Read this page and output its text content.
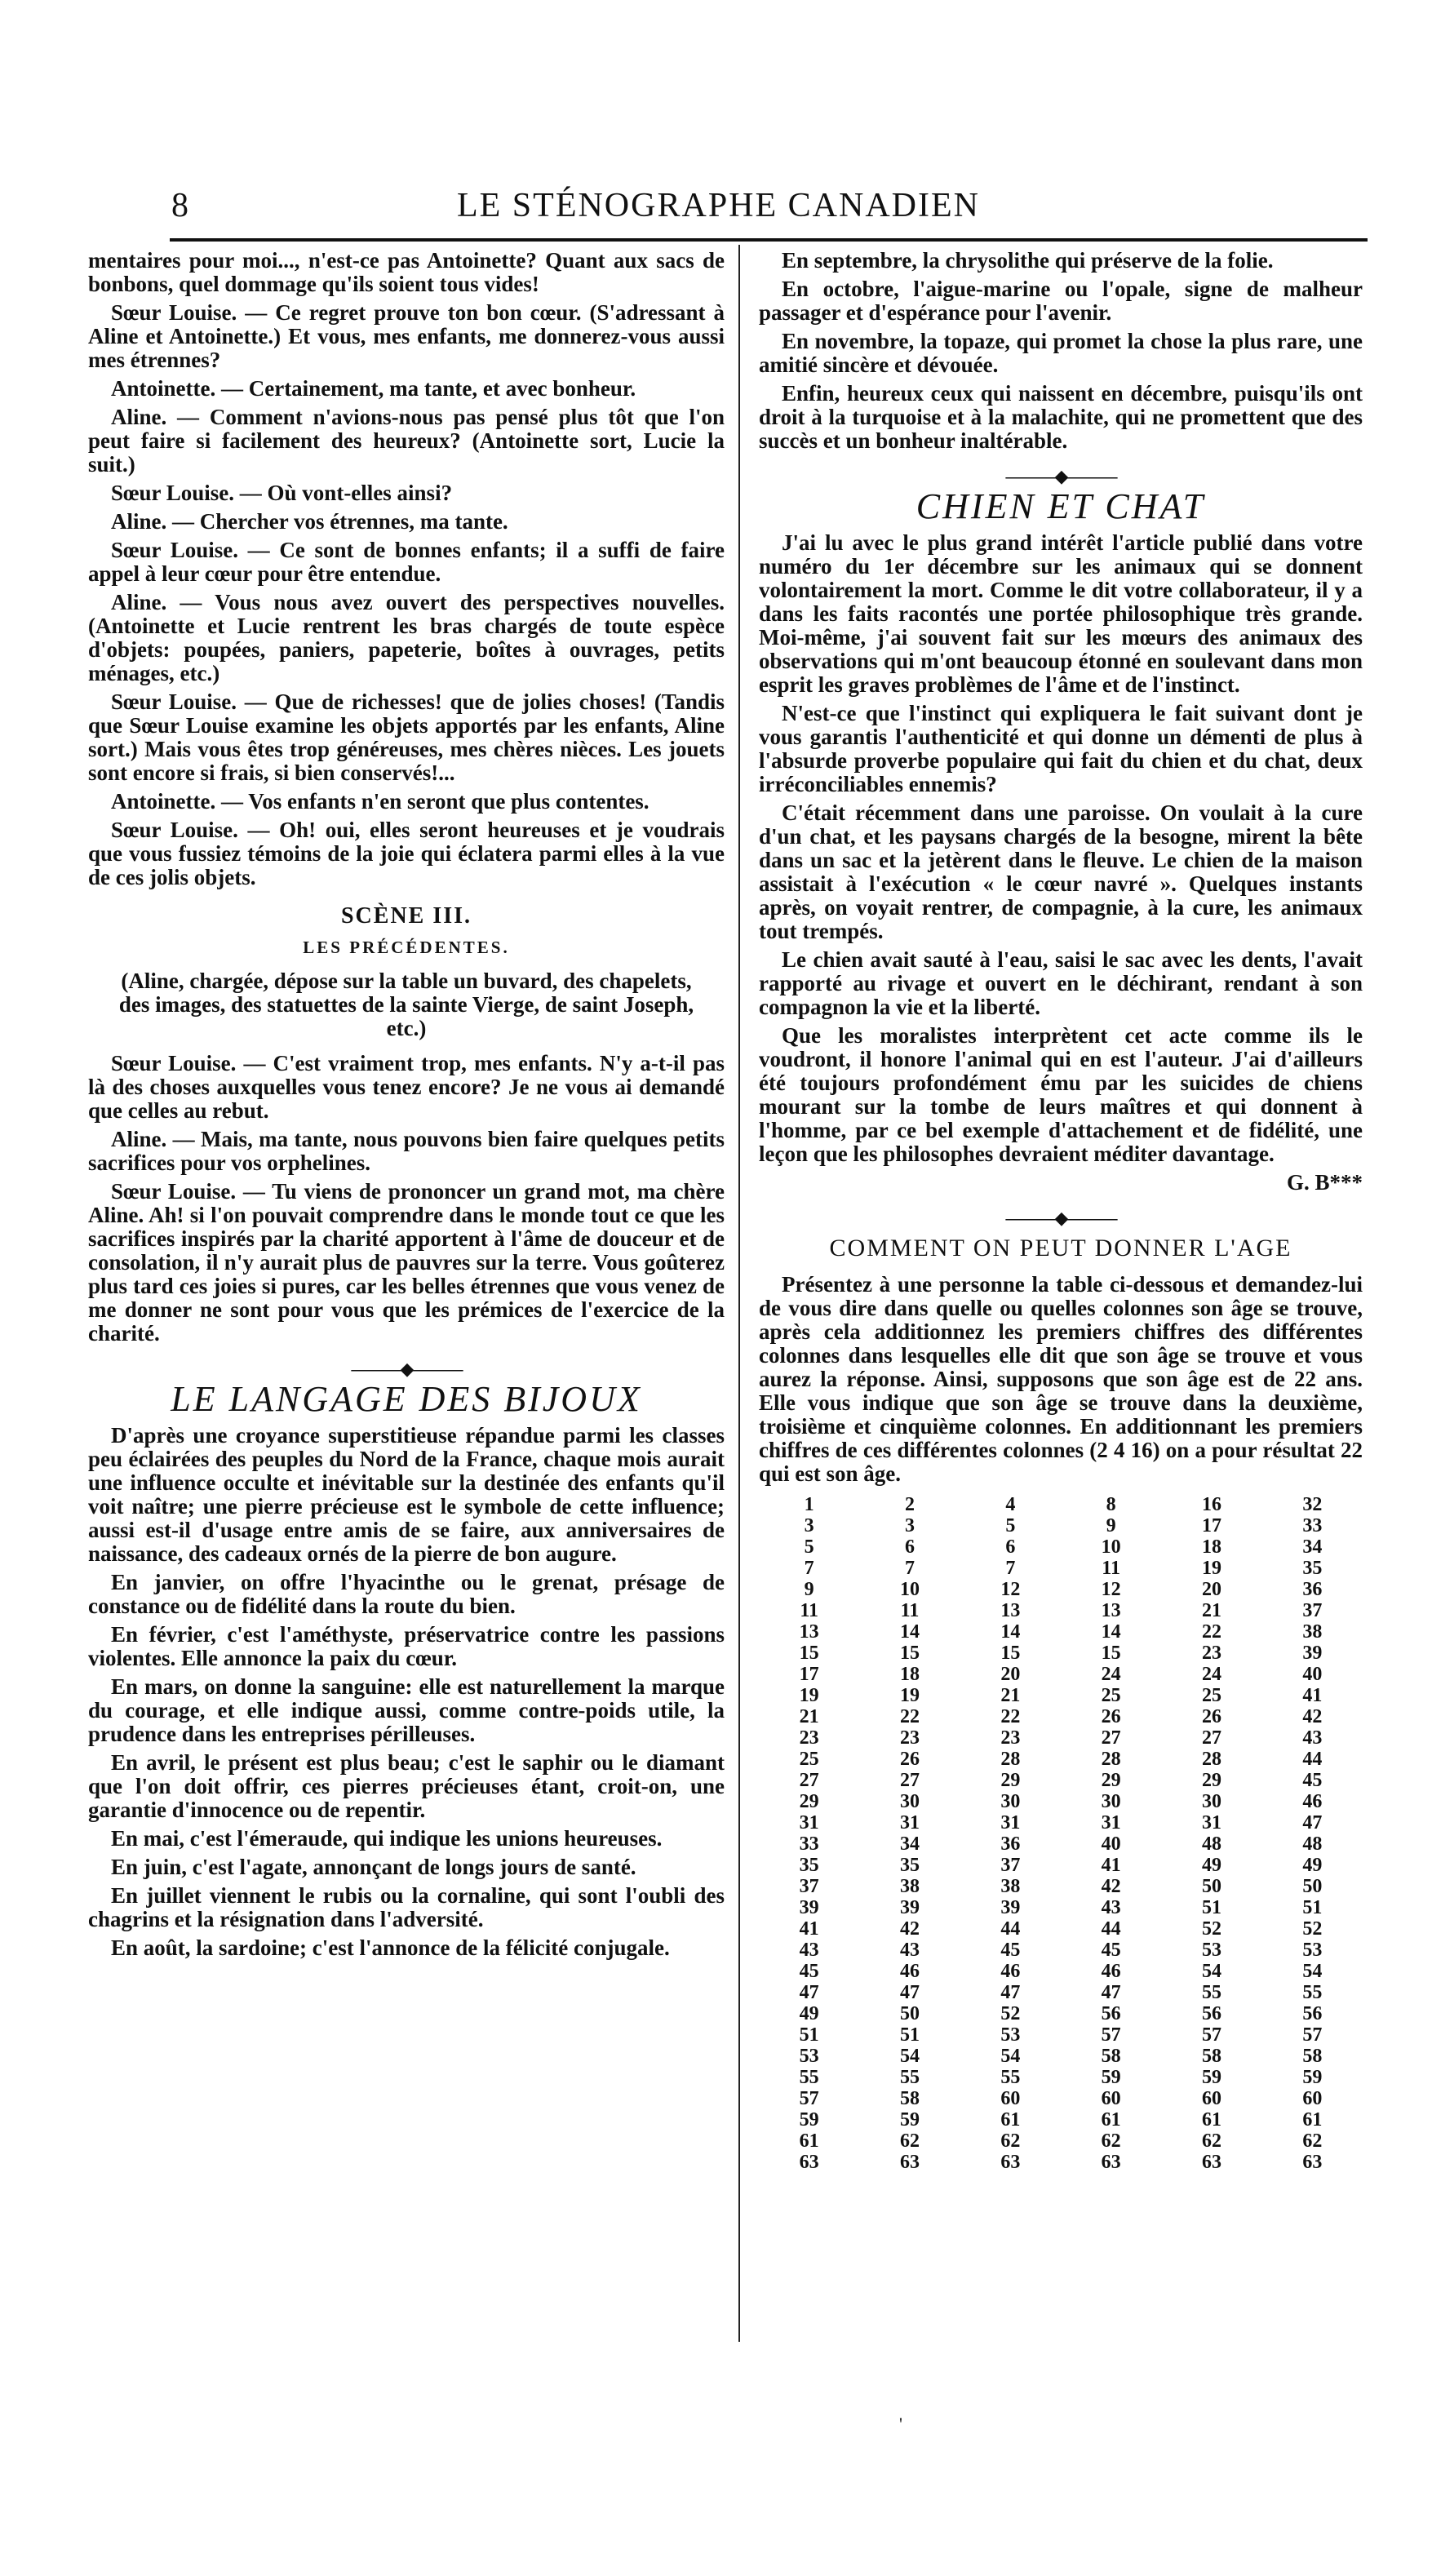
8	LE STÉNOGRAPHE CANADIEN

mentaires pour moi..., n'est-ce pas Antoinette? Quant aux sacs de bonbons, quel dommage qu'ils soient tous vides!

Sœur Louise. — Ce regret prouve ton bon cœur. (S'adressant à Aline et Antoinette.) Et vous, mes enfants, me donnerez-vous aussi mes étrennes?

Antoinette. — Certainement, ma tante, et avec bonheur.

Aline. — Comment n'avions-nous pas pensé plus tôt que l'on peut faire si facilement des heureux? (Antoinette sort, Lucie la suit.)

Sœur Louise. — Où vont-elles ainsi?

Aline. — Chercher vos étrennes, ma tante.

Sœur Louise. — Ce sont de bonnes enfants; il a suffi de faire appel à leur cœur pour être entendue.

Aline. — Vous nous avez ouvert des perspectives nouvelles. (Antoinette et Lucie rentrent les bras chargés de toute espèce d'objets: poupées, paniers, papeterie, boîtes à ouvrages, petits ménages, etc.)

Sœur Louise. — Que de richesses! que de jolies choses! (Tandis que Sœur Louise examine les objets apportés par les enfants, Aline sort.) Mais vous êtes trop généreuses, mes chères nièces. Les jouets sont encore si frais, si bien conservés!...

Antoinette. — Vos enfants n'en seront que plus contentes.

Sœur Louise. — Oh! oui, elles seront heureuses et je voudrais que vous fussiez témoins de la joie qui éclatera parmi elles à la vue de ces jolis objets.

SCÈNE III.
LES PRÉCÉDENTES.

(Aline, chargée, dépose sur la table un buvard, des chapelets, des images, des statuettes de la sainte Vierge, de saint Joseph, etc.)

Sœur Louise. — C'est vraiment trop, mes enfants. N'y a-t-il pas là des choses auxquelles vous tenez encore? Je ne vous ai demandé que celles au rebut.

Aline. — Mais, ma tante, nous pouvons bien faire quelques petits sacrifices pour vos orphelines.

Sœur Louise. — Tu viens de prononcer un grand mot, ma chère Aline. Ah! si l'on pouvait comprendre dans le monde tout ce que les sacrifices inspirés par la charité apportent à l'âme de douceur et de consolation, il n'y aurait plus de pauvres sur la terre. Vous goûterez plus tard ces joies si pures, car les belles étrennes que vous venez de me donner ne sont pour vous que les prémices de l'exercice de la charité.

———◆———
LE LANGAGE DES BIJOUX

D'après une croyance superstitieuse répandue parmi les classes peu éclairées des peuples du Nord de la France, chaque mois aurait une influence occulte et inévitable sur la destinée des enfants qu'il voit naître; une pierre précieuse est le symbole de cette influence; aussi est-il d'usage entre amis de se faire, aux anniversaires de naissance, des cadeaux ornés de la pierre de bon augure.

En janvier, on offre l'hyacinthe ou le grenat, présage de constance ou de fidélité dans la route du bien.

En février, c'est l'améthyste, préservatrice contre les passions violentes. Elle annonce la paix du cœur.

En mars, on donne la sanguine: elle est naturellement la marque du courage, et elle indique aussi, comme contre-poids utile, la prudence dans les entreprises périlleuses.

En avril, le présent est plus beau; c'est le saphir ou le diamant que l'on doit offrir, ces pierres précieuses étant, croit-on, une garantie d'innocence ou de repentir.

En mai, c'est l'émeraude, qui indique les unions heureuses.

En juin, c'est l'agate, annonçant de longs jours de santé.

En juillet viennent le rubis ou la cornaline, qui sont l'oubli des chagrins et la résignation dans l'adversité.

En août, la sardoine; c'est l'annonce de la félicité conjugale.

En septembre, la chrysolithe qui préserve de la folie.

En octobre, l'aigue-marine ou l'opale, signe de malheur passager et d'espérance pour l'avenir.

En novembre, la topaze, qui promet la chose la plus rare, une amitié sincère et dévouée.

Enfin, heureux ceux qui naissent en décembre, puisqu'ils ont droit à la turquoise et à la malachite, qui ne promettent que des succès et un bonheur inaltérable.

———◆———
CHIEN ET CHAT

J'ai lu avec le plus grand intérêt l'article publié dans votre numéro du 1er décembre sur les animaux qui se donnent volontairement la mort. Comme le dit votre collaborateur, il y a dans les faits racontés une portée philosophique très grande. Moi-même, j'ai souvent fait sur les mœurs des animaux des observations qui m'ont beaucoup étonné en soulevant dans mon esprit les graves problèmes de l'âme et de l'instinct.

N'est-ce que l'instinct qui expliquera le fait suivant dont je vous garantis l'authenticité et qui donne un démenti de plus à l'absurde proverbe populaire qui fait du chien et du chat, deux irréconciliables ennemis?

C'était récemment dans une paroisse. On voulait à la cure d'un chat, et les paysans chargés de la besogne, mirent la bête dans un sac et la jetèrent dans le fleuve. Le chien de la maison assistait à l'exécution « le cœur navré ». Quelques instants après, on voyait rentrer, de compagnie, à la cure, les animaux tout trempés.

Le chien avait sauté à l'eau, saisi le sac avec les dents, l'avait rapporté au rivage et ouvert en le déchirant, rendant à son compagnon la vie et la liberté.

Que les moralistes interprètent cet acte comme ils le voudront, il honore l'animal qui en est l'auteur. J'ai d'ailleurs été toujours profondément ému par les suicides de chiens mourant sur la tombe de leurs maîtres et qui donnent à l'homme, par ce bel exemple d'attachement et de fidélité, une leçon que les philosophes devraient méditer davantage.

G. B***
———◆———
COMMENT ON PEUT DONNER L'AGE

Présentez à une personne la table ci-dessous et demandez-lui de vous dire dans quelle ou quelles colonnes son âge se trouve, après cela additionnez les premiers chiffres des différentes colonnes dans lesquelles elle dit que son âge se trouve et vous aurez la réponse. Ainsi, supposons que son âge est de 22 ans. Elle vous indique que son âge se trouve dans la deuxième, troisième et cinquième colonnes. En additionnant les premiers chiffres de ces différentes colonnes (2 4 16) on a pour résultat 22 qui est son âge.

1	2	4	8	16	32
3	3	5	9	17	33
5	6	6	10	18	34
7	7	7	11	19	35
9	10	12	12	20	36
11	11	13	13	21	37
13	14	14	14	22	38
15	15	15	15	23	39
17	18	20	24	24	40
19	19	21	25	25	41
21	22	22	26	26	42
23	23	23	27	27	43
25	26	28	28	28	44
27	27	29	29	29	45
29	30	30	30	30	46
31	31	31	31	31	47
33	34	36	40	48	48
35	35	37	41	49	49
37	38	38	42	50	50
39	39	39	43	51	51
41	42	44	44	52	52
43	43	45	45	53	53
45	46	46	46	54	54
47	47	47	47	55	55
49	50	52	56	56	56
51	51	53	57	57	57
53	54	54	58	58	58
55	55	55	59	59	59
57	58	60	60	60	60
59	59	61	61	61	61
61	62	62	62	62	62
63	63	63	63	63	63
'
